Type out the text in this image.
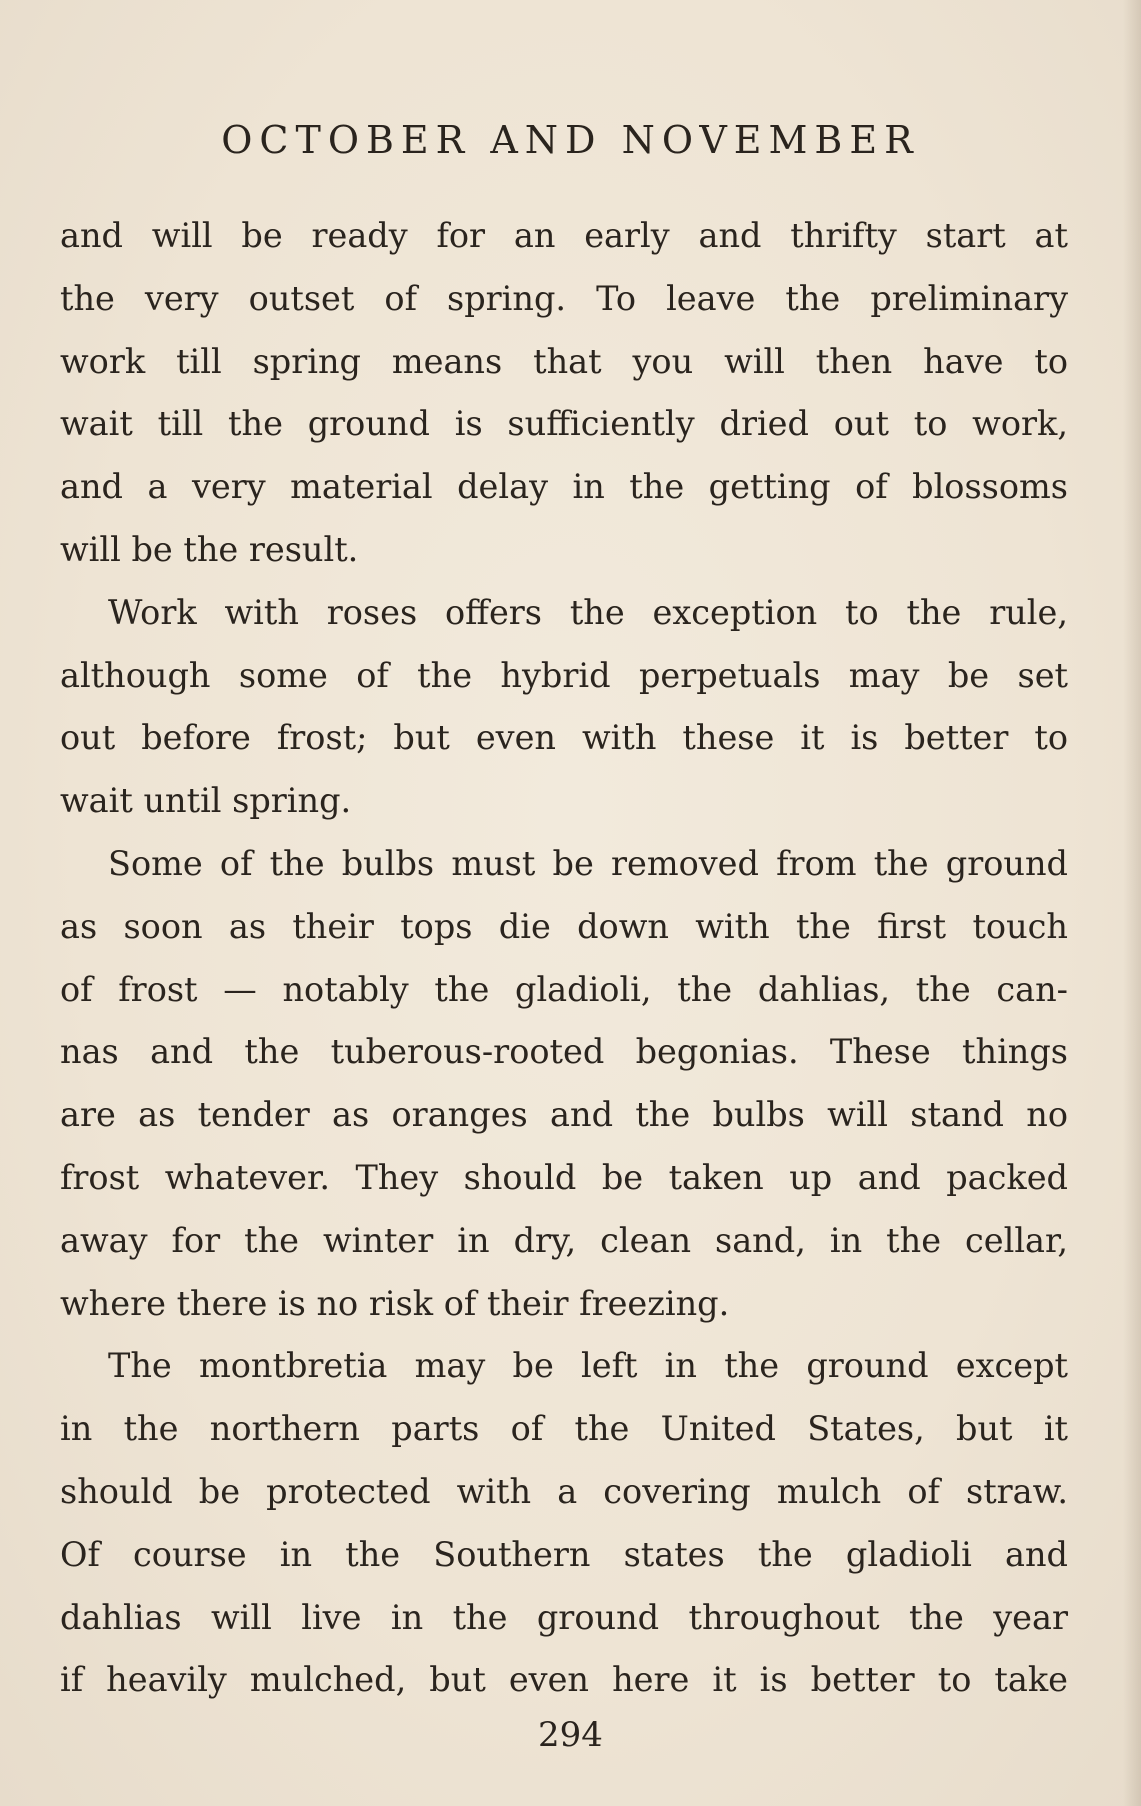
OCTOBER AND NOVEMBER
and will be ready for an early and thrifty start at
the very outset of spring. To leave the preliminary
work till spring means that you will then have to
wait till the ground is sufficiently dried out to work,
and a very material delay in the getting of blossoms
will be the result.
Work with roses offers the exception to the rule,
although some of the hybrid perpetuals may be set
out before frost; but even with these it is better to
wait until spring.
Some of the bulbs must be removed from the ground
as soon as their tops die down with the first touch
of frost — notably the gladioli, the dahlias, the can-
nas and the tuberous-rooted begonias. These things
are as tender as oranges and the bulbs will stand no
frost whatever. They should be taken up and packed
away for the winter in dry, clean sand, in the cellar,
where there is no risk of their freezing.
The montbretia may be left in the ground except
in the northern parts of the United States, but it
should be protected with a covering mulch of straw.
Of course in the Southern states the gladioli and
dahlias will live in the ground throughout the year
if heavily mulched, but even here it is better to take
294
